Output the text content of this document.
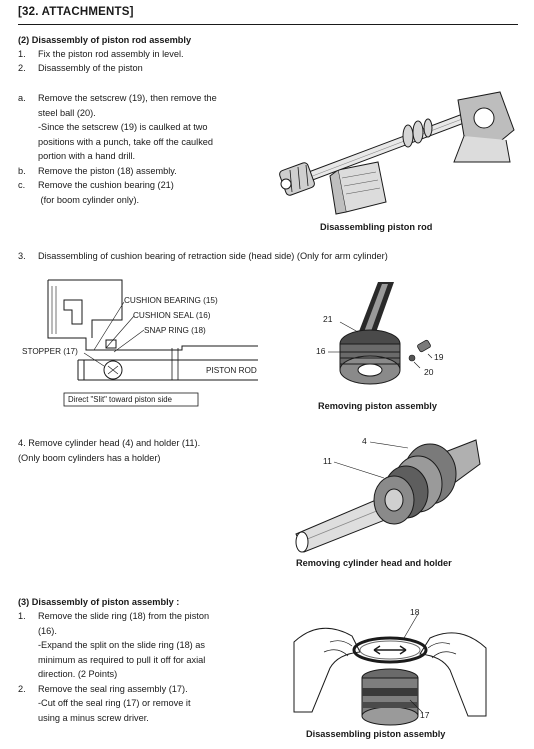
[32. ATTACHMENTS]
(2) Disassembly of piston rod assembly
1. Fix the piston rod assembly in level.
2. Disassembly of the piston
a. Remove the setscrew (19), then remove the
steel ball (20).
-Since the setscrew (19) is caulked at two
positions with a punch, take off the caulked
portion with a hand drill.
b. Remove the piston (18) assembly.
c. Remove the cushion bearing (21)
(for boom cylinder only).
Disassembling piston rod
3. Disassembling of cushion bearing of retraction side (head side) (Only for arm cylinder)
CUSHION BEARING (15)
CUSHION SEAL (16)
SNAP RING (18)
STOPPER (17)
PISTON ROD
Direct "Slit" toward piston side
21
16
19
20
Removing piston assembly
4. Remove cylinder head (4) and holder (11).
(Only boom cylinders has a holder)
4
11
Removing cylinder head and holder
(3) Disassembly of piston assembly :
1. Remove the slide ring (18) from the piston
(16).
-Expand the split on the slide ring (18) as
minimum as required to pull it off for axial
direction. (2 Points)
2. Remove the seal ring assembly (17).
-Cut off the seal ring (17) or remove it
using a minus screw driver.
18
17
Disassembling piston assembly
